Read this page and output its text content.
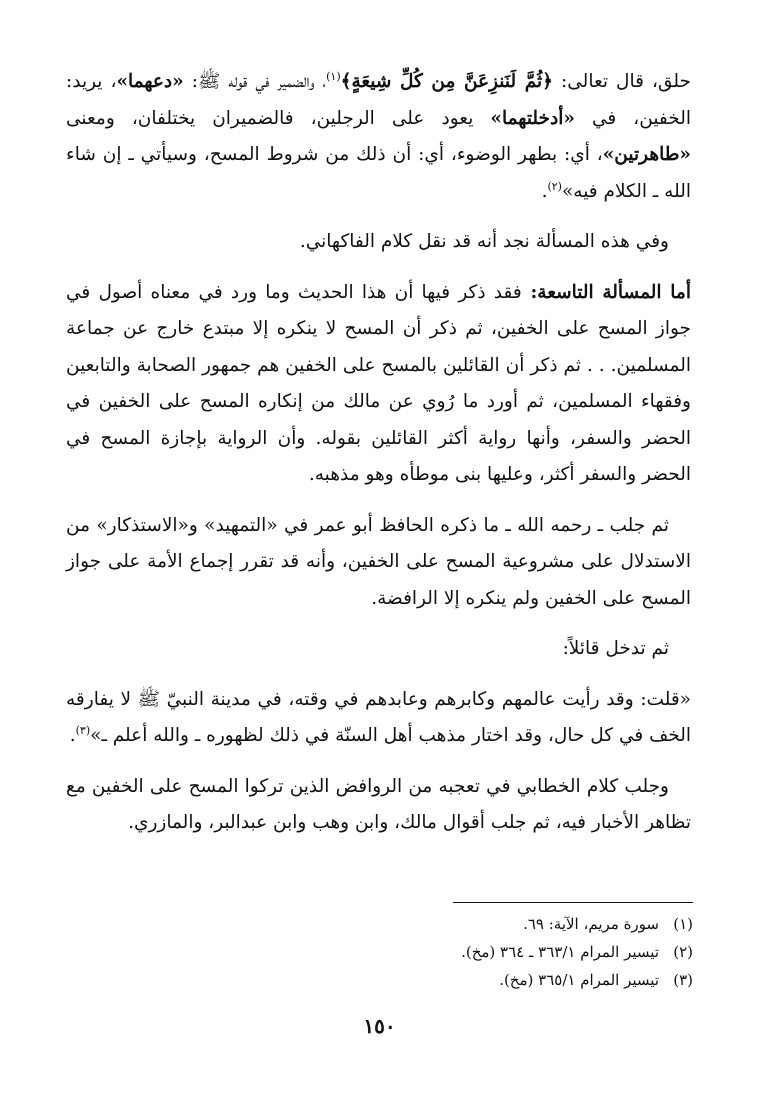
حلق، قال تعالى: ﴿ثُمَّ لَنَنزِعَنَّ مِن كُلِّ شِيعَةٍ﴾$^{(١)}$، والضمير في قوله ﷺ: «دعهما»، يريد: الخفين، في «أدخلتهما» يعود على الرجلين، فالضميران يختلفان، ومعنى «طاهرتين»، أي: بطهر الوضوء، أي: أن ذلك من شروط المسح، وسيأتي ـ إن شاء الله ـ الكلام فيه»$^{(٢)}$.

وفي هذه المسألة نجد أنه قد نقل كلام الفاكهاني.

أما المسألة التاسعة: فقد ذكر فيها أن هذا الحديث وما ورد في معناه أصول في جواز المسح على الخفين، ثم ذكر أن المسح لا ينكره إلا مبتدع خارج عن جماعة المسلمين. . . ثم ذكر أن القائلين بالمسح على الخفين هم جمهور الصحابة والتابعين وفقهاء المسلمين، ثم أورد ما رُوي عن مالك من إنكاره المسح على الخفين في الحضر والسفر، وأنها رواية أكثر القائلين بقوله. وأن الرواية بإجازة المسح في الحضر والسفر أكثر، وعليها بنى موطأه وهو مذهبه.

ثم جلب ـ رحمه الله ـ ما ذكره الحافظ أبو عمر في «التمهيد» و«الاستذكار» من الاستدلال على مشروعية المسح على الخفين، وأنه قد تقرر إجماع الأمة على جواز المسح على الخفين ولم ينكره إلا الرافضة.

ثم تدخل قائلاً:

«قلت: وقد رأيت عالمهم وكابرهم وعابدهم في وقته، في مدينة النبيّ ﷺ لا يفارقه الخف في كل حال، وقد اختار مذهب أهل السنّة في ذلك لظهوره ـ والله أعلم ـ»$^{(٣)}$.

وجلب كلام الخطابي في تعجبه من الروافض الذين تركوا المسح على الخفين مع تظاهر الأخبار فيه، ثم جلب أقوال مالك، وابن وهب وابن عبدالبر، والمازري.

(١)سورة مريم، الآية: ٦٩.
(٢)تيسير المرام ٣٦٣/١ ـ ٣٦٤ (مخ).
(٣)تيسير المرام ٣٦٥/١ (مخ).
١٥٠
